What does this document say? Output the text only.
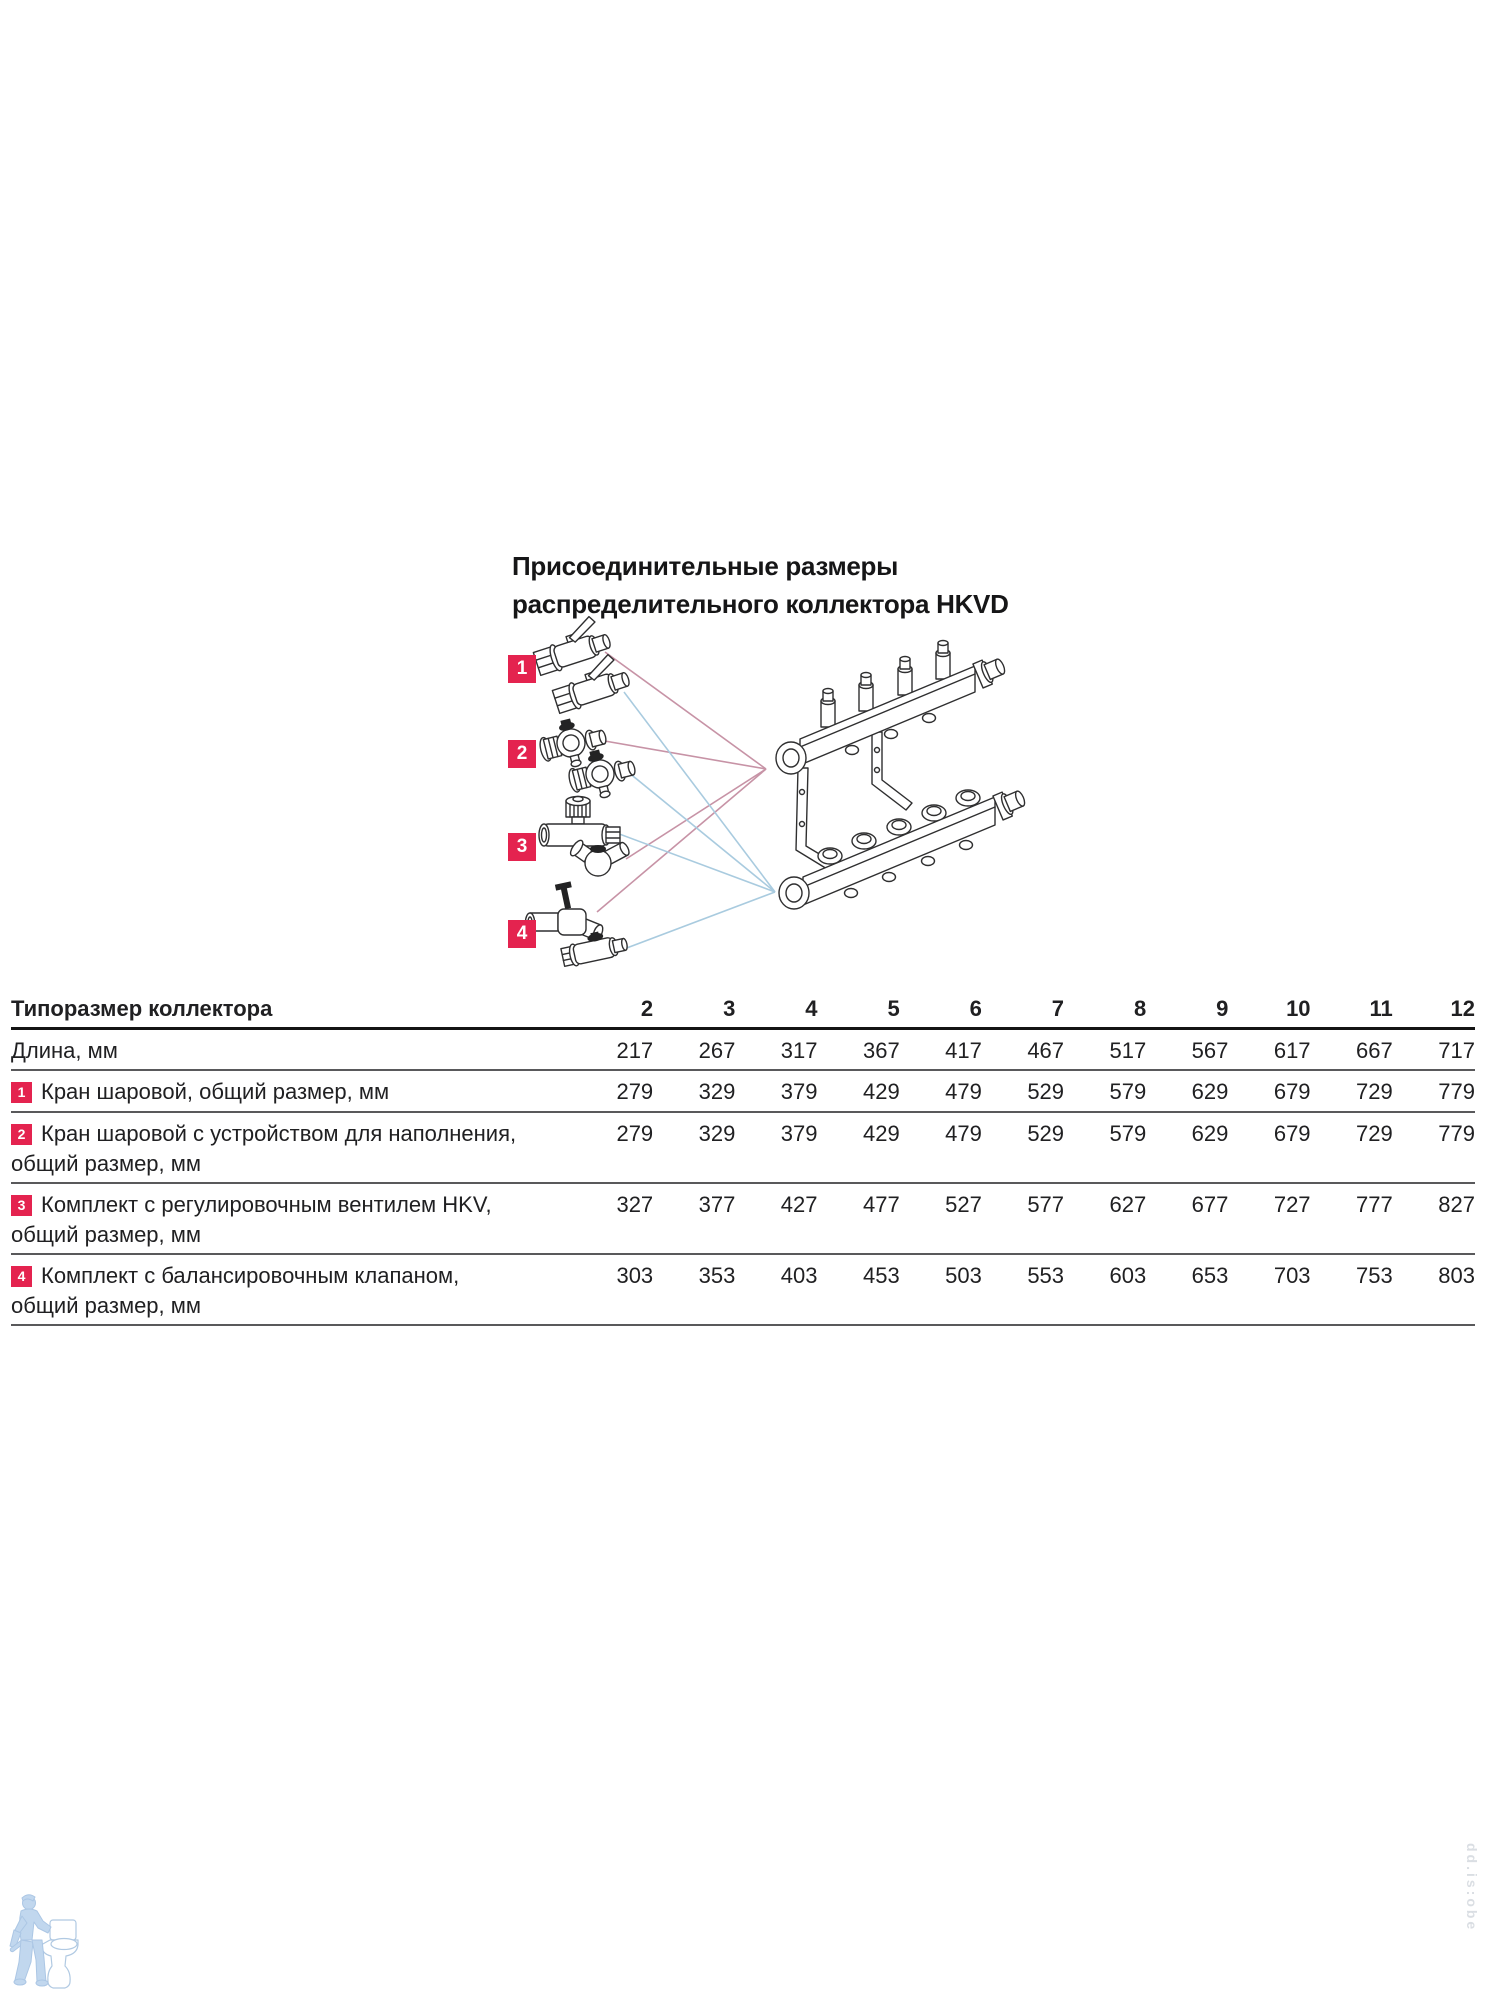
Присоединительные размеры
распределительного коллектора HKVD
1
2
3
4
Типоразмер коллектора	2	3	4	5	6	7	8	9	10	11	12
Длина, мм	217	267	317	367	417	467	517	567	617	667	717
1 Кран шаровой, общий размер, мм	279	329	379	429	479	529	579	629	679	729	779
2 Кран шаровой с устройством для наполнения,
общий размер, мм	279	329	379	429	479	529	579	629	679	729	779
3 Комплект с регулировочным вентилем HKV,
общий размер, мм	327	377	427	477	527	577	627	677	727	777	827
4 Комплект с балансировочным клапаном,
общий размер, мм	303	353	403	453	503	553	603	653	703	753	803
dd.is:obe
